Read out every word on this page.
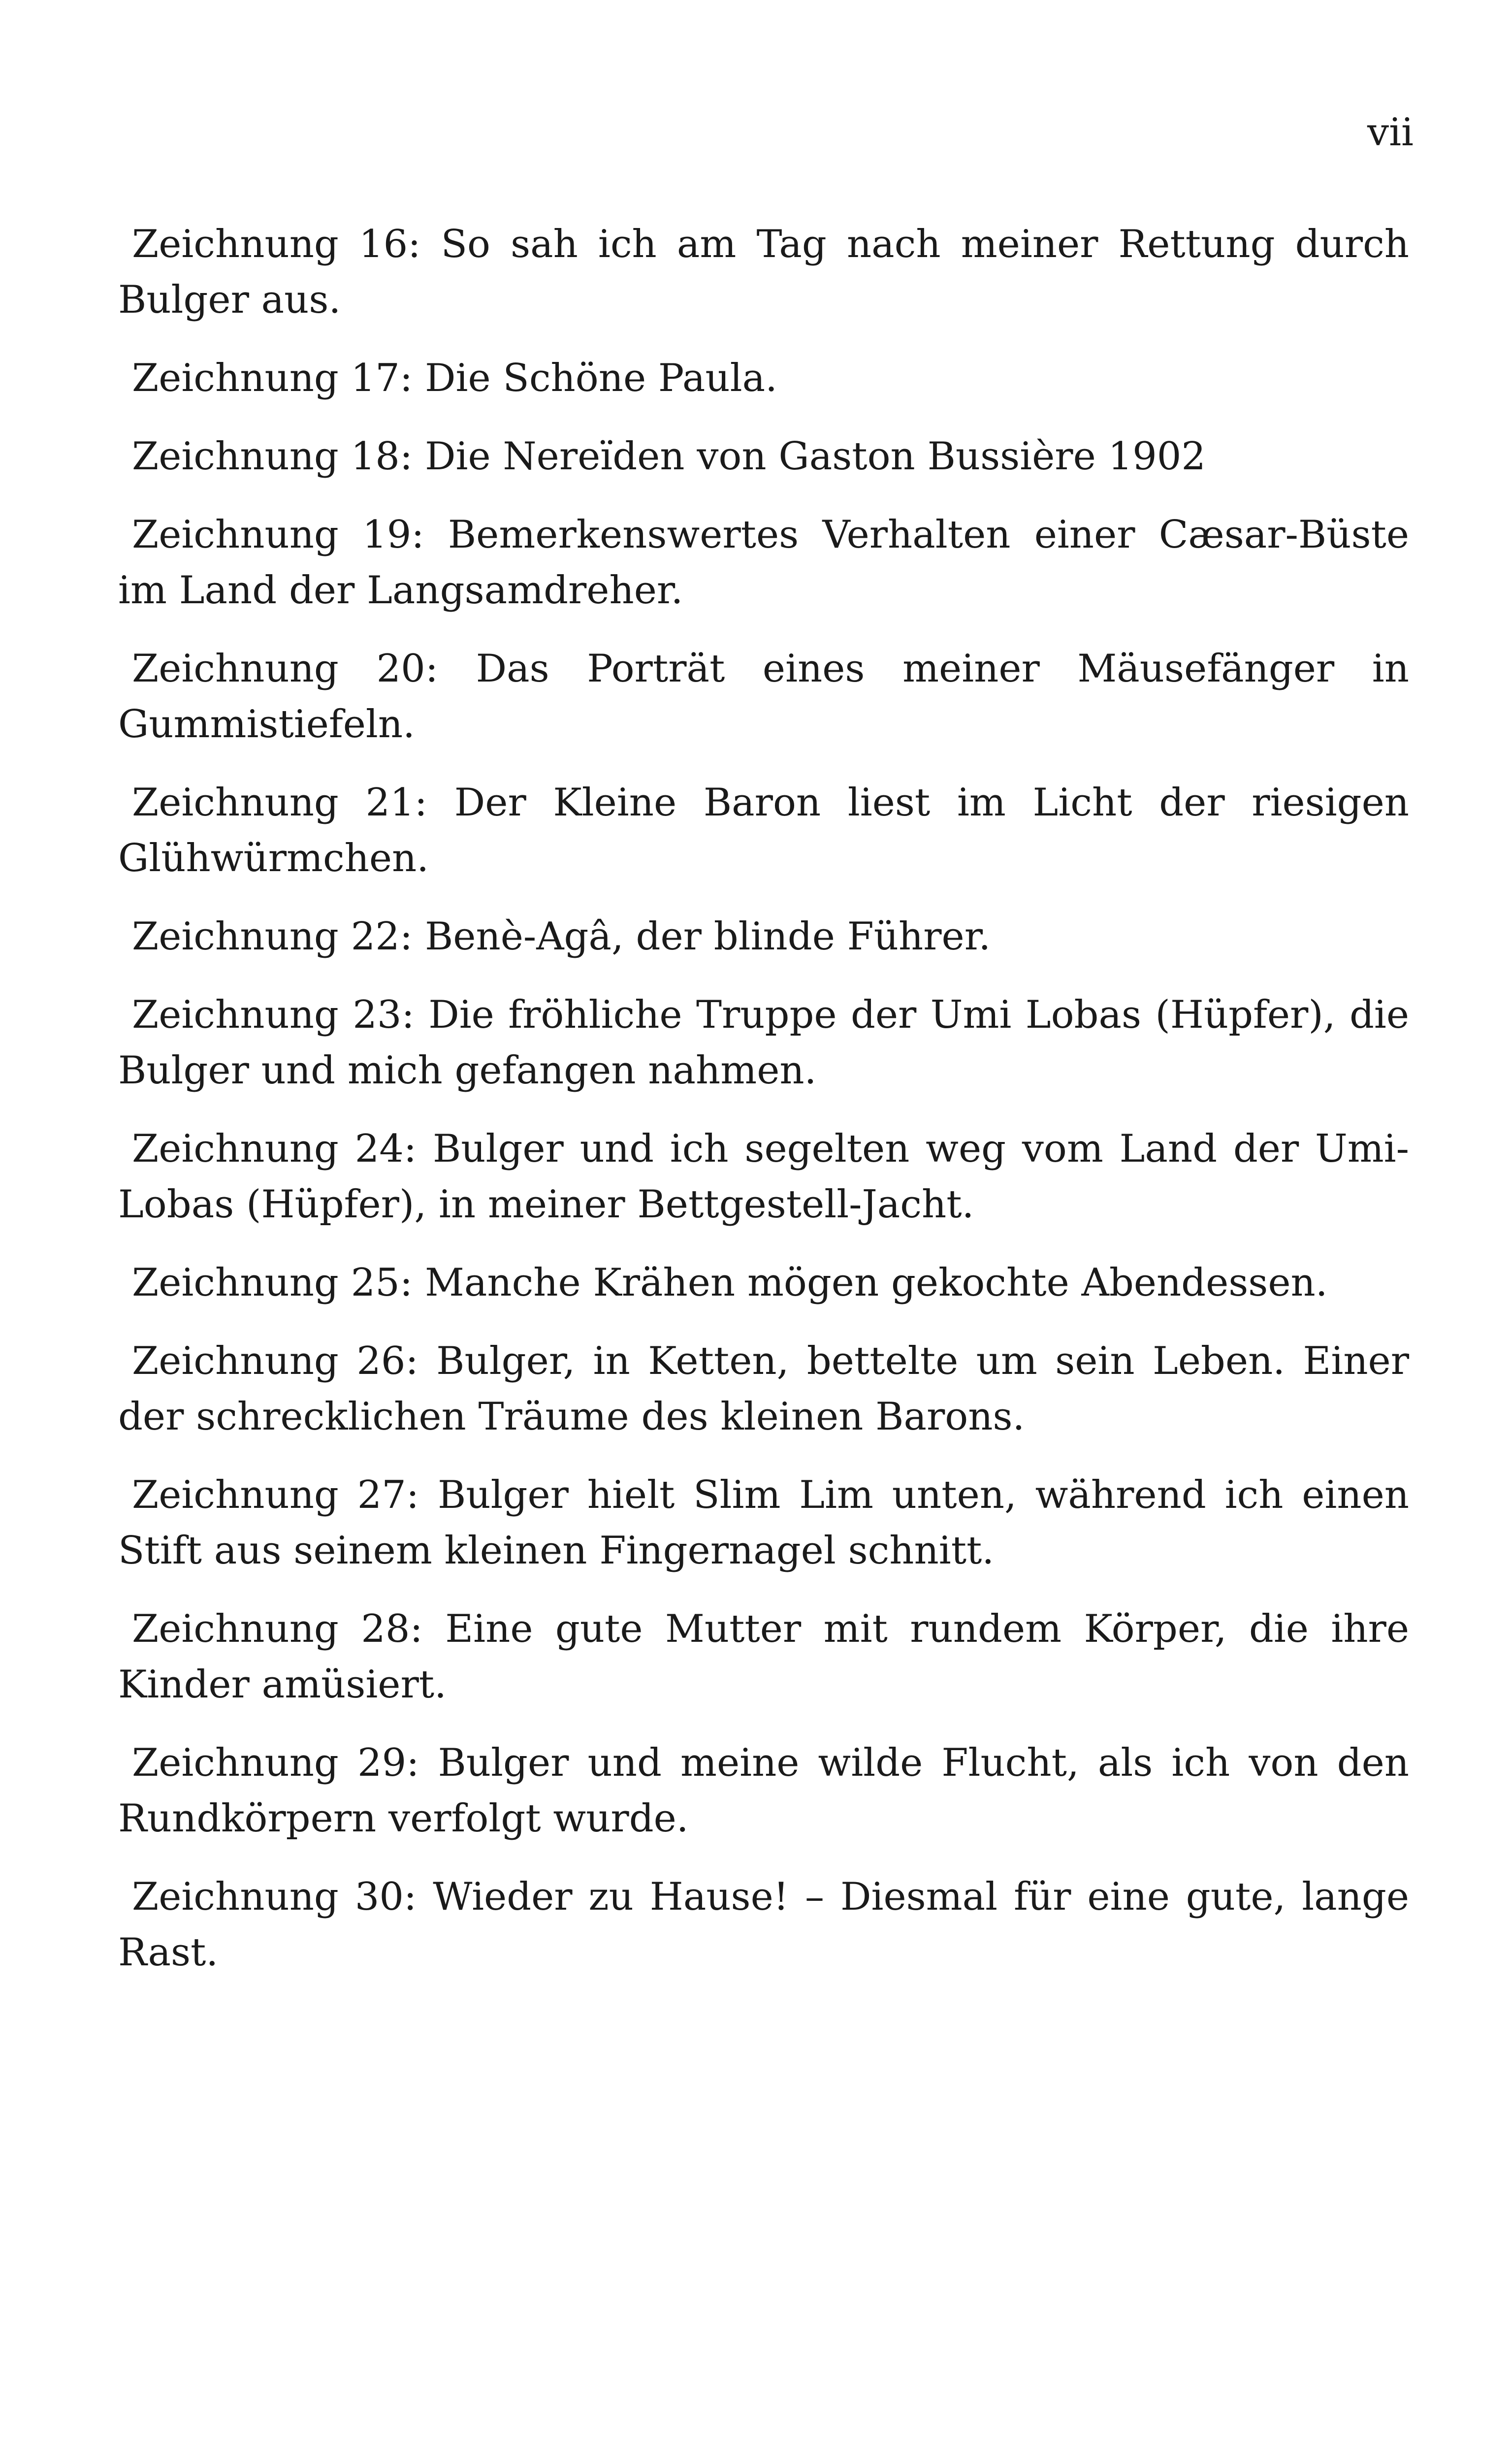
vii

Zeichnung 16: So sah ich am Tag nach meiner Rettung durch Bulger aus.

Zeichnung 17: Die Schöne Paula.

Zeichnung 18: Die Nereïden von Gaston Bussière 1902

Zeichnung 19: Bemerkenswertes Verhalten einer Cæsar-Büste im Land der Langsamdreher.

Zeichnung 20: Das Porträt eines meiner Mäusefänger in Gummistiefeln.

Zeichnung 21: Der Kleine Baron liest im Licht der riesigen Glühwürmchen.

Zeichnung 22: Benè-Agâ, der blinde Führer.

Zeichnung 23: Die fröhliche Truppe der Umi Lobas (Hüpfer), die Bulger und mich gefangen nahmen.

Zeichnung 24: Bulger und ich segelten weg vom Land der Umi-Lobas (Hüpfer), in meiner Bettgestell-Jacht.

Zeichnung 25: Manche Krähen mögen gekochte Abendessen.

Zeichnung 26: Bulger, in Ketten, bettelte um sein Leben. Einer der schrecklichen Träume des kleinen Barons.

Zeichnung 27: Bulger hielt Slim Lim unten, während ich einen Stift aus seinem kleinen Fingernagel schnitt.

Zeichnung 28: Eine gute Mutter mit rundem Körper, die ihre Kinder amüsiert.

Zeichnung 29: Bulger und meine wilde Flucht, als ich von den Rundkörpern verfolgt wurde.

Zeichnung 30: Wieder zu Hause! – Diesmal für eine gute, lange Rast.
